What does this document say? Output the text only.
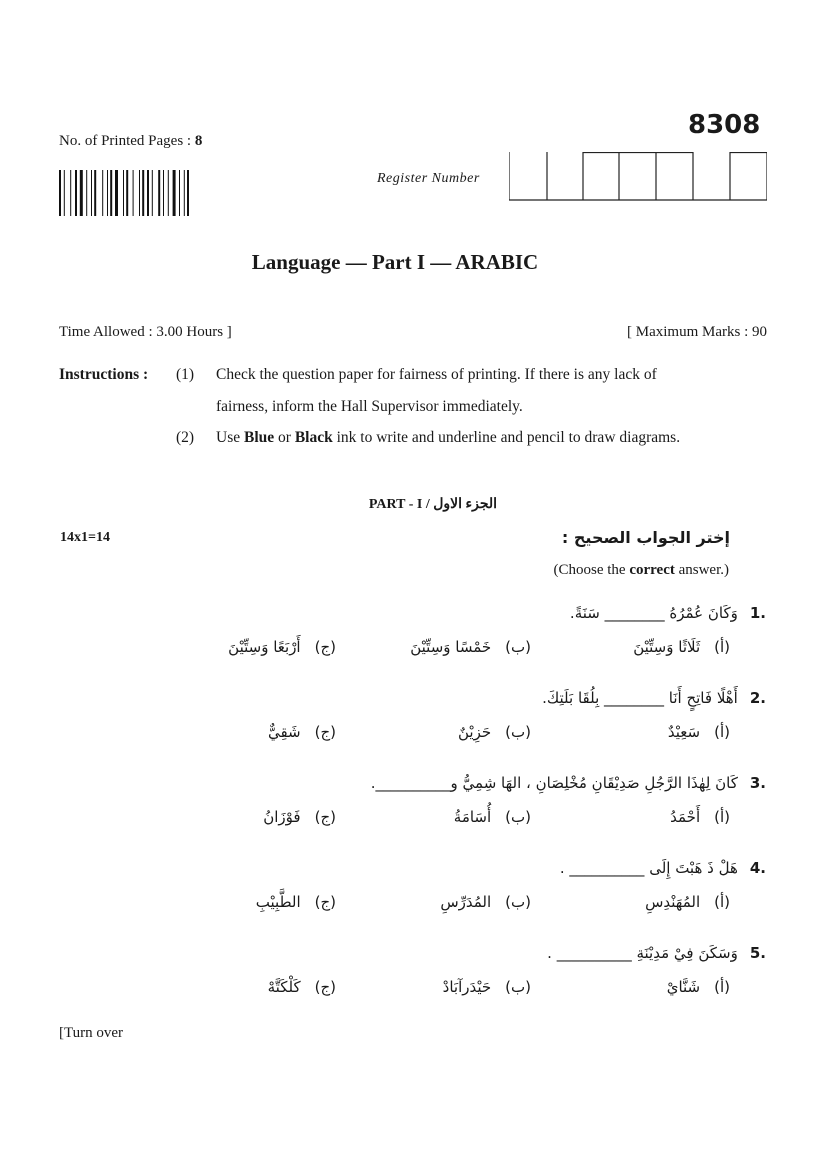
8308
No. of Printed Pages : 8
Register Number
Language — Part I — ARABIC
Time Allowed : 3.00 Hours ]	[ Maximum Marks : 90
Instructions : (1) Check the question paper for fairness of printing. If there is any lack of
fairness, inform the Hall Supervisor immediately.
(2) Use Blue or Black ink to write and underline and pencil to draw diagrams.
PART - I / الجزء الاول
14x1=14	إختر الجواب الصحيح :
(Choose the correct answer.)
.1وَكَانَ عُمْرُهُ ________ سَنَةً.
(أ)ثَلَاثًا وَسِتِّيْنَ
(ب)خَمْسًا وَسِتِّيْنَ
(ج)أَرْبَعًا وَسِتِّيْنَ
.2أَهْلًا فَاتِحٍ أَنَا ________ بِلُقَا بَلَتِكَ.
(أ)سَعِيْدٌ
(ب)حَزِيْنٌ
(ج)شَقِيٌّ
.3كَانَ لِهٰذَا الرَّجُلِ صَدِيْقَانِ مُخْلِصَانِ ، الهَا شِمِيُّ و__________.
(أ)أَحْمَدُ
(ب)أُسَامَةُ
(ج)فَوْزَانُ
.4هَلْ ذَ هَبْتَ إِلَى __________ .
(أ)المُهَنْدِسِ
(ب)المُدَرِّسِ
(ج)الطَّبِيْبِ
.5وَسَكَنَ فِيْ مَدِيْنَةِ __________ .
(أ)شَنَّايْ
(ب)حَيْدَرآبَادْ
(ج)كَلْكَتَّهْ
[Turn over
